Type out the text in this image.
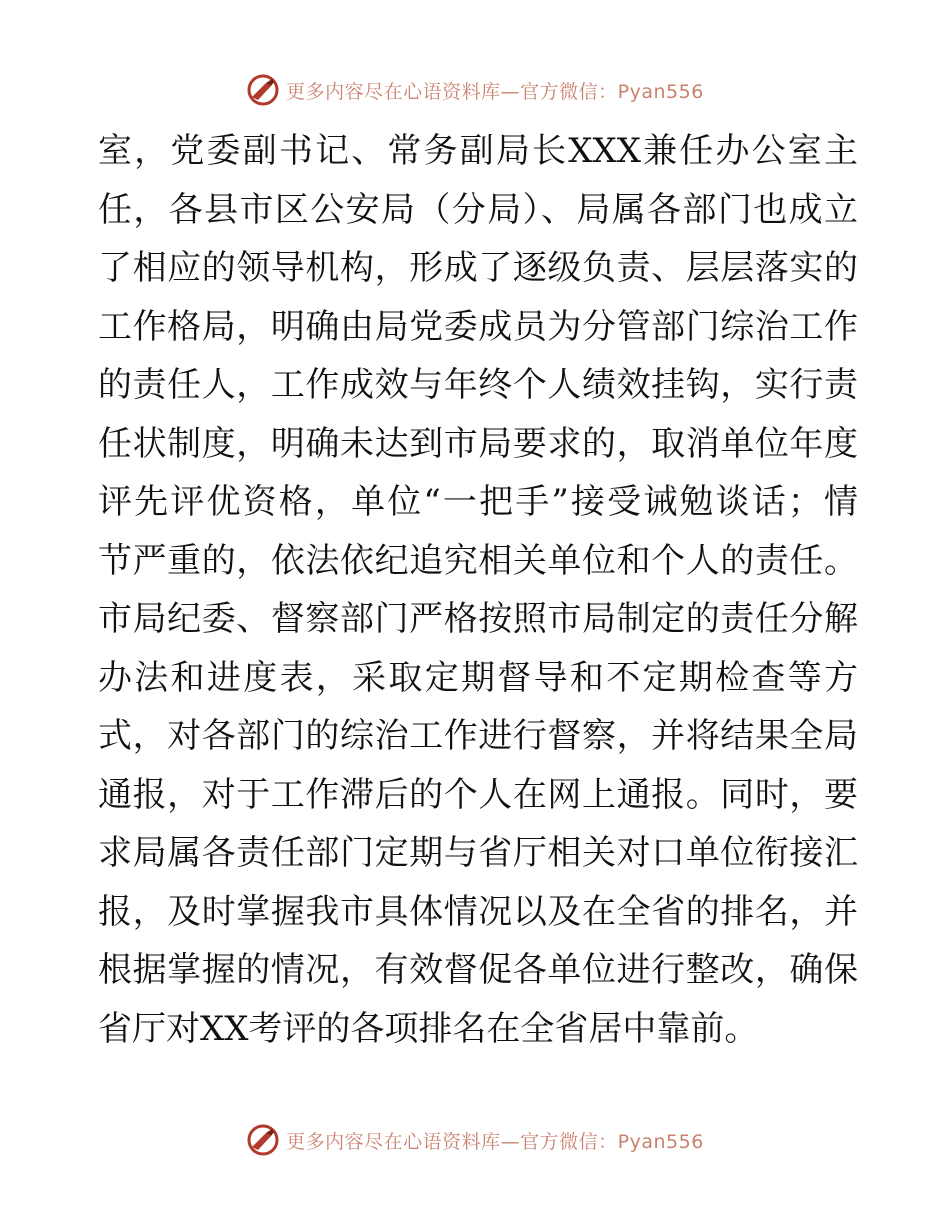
更多内容尽在心语资料库—官方微信：Pyan556
室，党委副书记、常务副局长XXX兼任办公室主
任，各县市区公安局（分局）、局属各部门也成立
了相应的领导机构，形成了逐级负责、层层落实的
工作格局，明确由局党委成员为分管部门综治工作
的责任人，工作成效与年终个人绩效挂钩，实行责
任状制度，明确未达到市局要求的，取消单位年度
评先评优资格，单位“一把手”接受诫勉谈话；情
节严重的，依法依纪追究相关单位和个人的责任。
市局纪委、督察部门严格按照市局制定的责任分解
办法和进度表，采取定期督导和不定期检查等方
式，对各部门的综治工作进行督察，并将结果全局
通报，对于工作滞后的个人在网上通报。同时，要
求局属各责任部门定期与省厅相关对口单位衔接汇
报，及时掌握我市具体情况以及在全省的排名，并
根据掌握的情况，有效督促各单位进行整改，确保
省厅对XX考评的各项排名在全省居中靠前。
更多内容尽在心语资料库—官方微信：Pyan556
